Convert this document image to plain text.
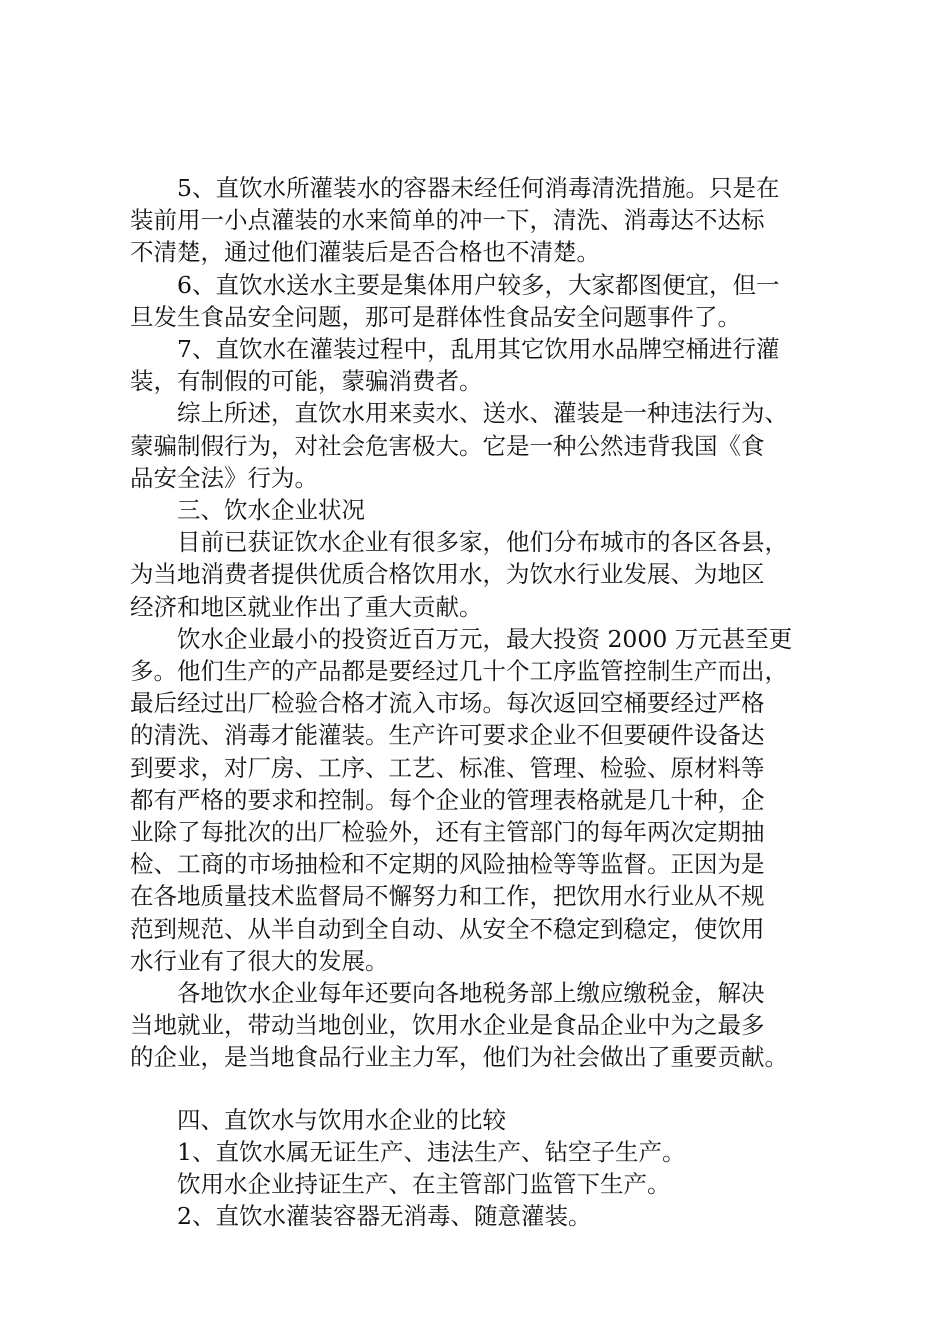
5、直饮水所灌装水的容器未经任何消毒清洗措施。只是在
装前用一小点灌装的水来简单的冲一下，清洗、消毒达不达标
不清楚，通过他们灌装后是否合格也不清楚。

6、直饮水送水主要是集体用户较多，大家都图便宜，但一
旦发生食品安全问题，那可是群体性食品安全问题事件了。

7、直饮水在灌装过程中，乱用其它饮用水品牌空桶进行灌
装，有制假的可能，蒙骗消费者。

综上所述，直饮水用来卖水、送水、灌装是一种违法行为、
蒙骗制假行为，对社会危害极大。它是一种公然违背我国《食
品安全法》行为。

三、饮水企业状况

目前已获证饮水企业有很多家，他们分布城市的各区各县，
为当地消费者提供优质合格饮用水，为饮水行业发展、为地区
经济和地区就业作出了重大贡献。

饮水企业最小的投资近百万元，最大投资 2000 万元甚至更
多。他们生产的产品都是要经过几十个工序监管控制生产而出，
最后经过出厂检验合格才流入市场。每次返回空桶要经过严格
的清洗、消毒才能灌装。生产许可要求企业不但要硬件设备达
到要求，对厂房、工序、工艺、标准、管理、检验、原材料等
都有严格的要求和控制。每个企业的管理表格就是几十种，企
业除了每批次的出厂检验外，还有主管部门的每年两次定期抽
检、工商的市场抽检和不定期的风险抽检等等监督。正因为是
在各地质量技术监督局不懈努力和工作，把饮用水行业从不规
范到规范、从半自动到全自动、从安全不稳定到稳定，使饮用
水行业有了很大的发展。

各地饮水企业每年还要向各地税务部上缴应缴税金，解决
当地就业，带动当地创业，饮用水企业是食品企业中为之最多
的企业，是当地食品行业主力军，他们为社会做出了重要贡献。

四、直饮水与饮用水企业的比较

1、直饮水属无证生产、违法生产、钻空子生产。

饮用水企业持证生产、在主管部门监管下生产。

2、直饮水灌装容器无消毒、随意灌装。
